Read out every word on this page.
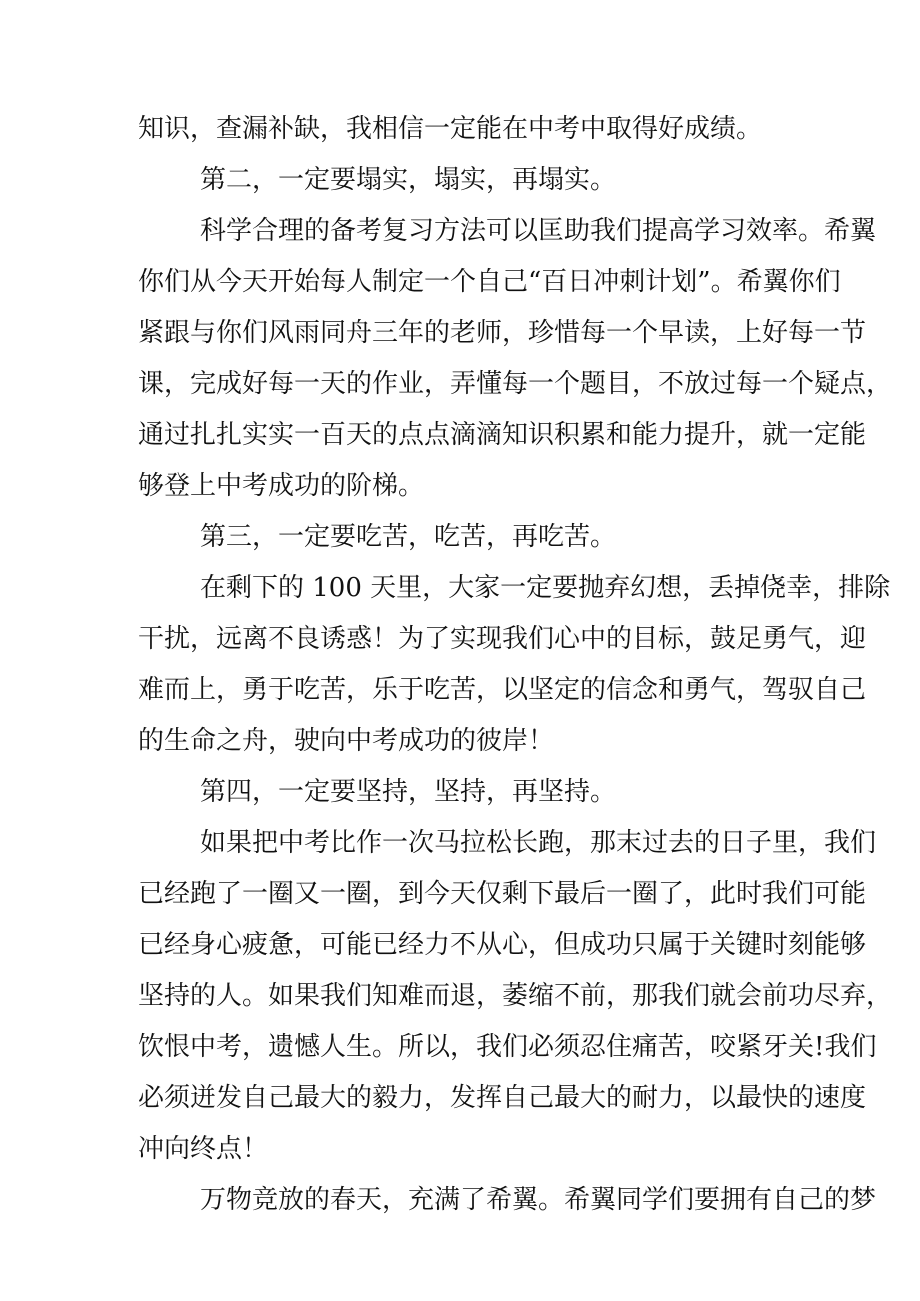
知识，查漏补缺，我相信一定能在中考中取得好成绩。
第二，一定要塌实，塌实，再塌实。
科学合理的备考复习方法可以匡助我们提高学习效率。希翼
你们从今天开始每人制定一个自己“百日冲刺计划”。希翼你们
紧跟与你们风雨同舟三年的老师，珍惜每一个早读，上好每一节
课，完成好每一天的作业，弄懂每一个题目，不放过每一个疑点，
通过扎扎实实一百天的点点滴滴知识积累和能力提升，就一定能
够登上中考成功的阶梯。
第三，一定要吃苦，吃苦，再吃苦。
在剩下的 100 天里，大家一定要抛弃幻想，丢掉侥幸，排除
干扰，远离不良诱惑！为了实现我们心中的目标，鼓足勇气，迎
难而上，勇于吃苦，乐于吃苦，以坚定的信念和勇气，驾驭自己
的生命之舟，驶向中考成功的彼岸！
第四，一定要坚持，坚持，再坚持。
如果把中考比作一次马拉松长跑，那末过去的日子里，我们
已经跑了一圈又一圈，到今天仅剩下最后一圈了，此时我们可能
已经身心疲惫，可能已经力不从心，但成功只属于关键时刻能够
坚持的人。如果我们知难而退，萎缩不前，那我们就会前功尽弃，
饮恨中考，遗憾人生。所以，我们必须忍住痛苦，咬紧牙关!我们
必须迸发自己最大的毅力，发挥自己最大的耐力，以最快的速度
冲向终点！
万物竞放的春天，充满了希翼。希翼同学们要拥有自己的梦
